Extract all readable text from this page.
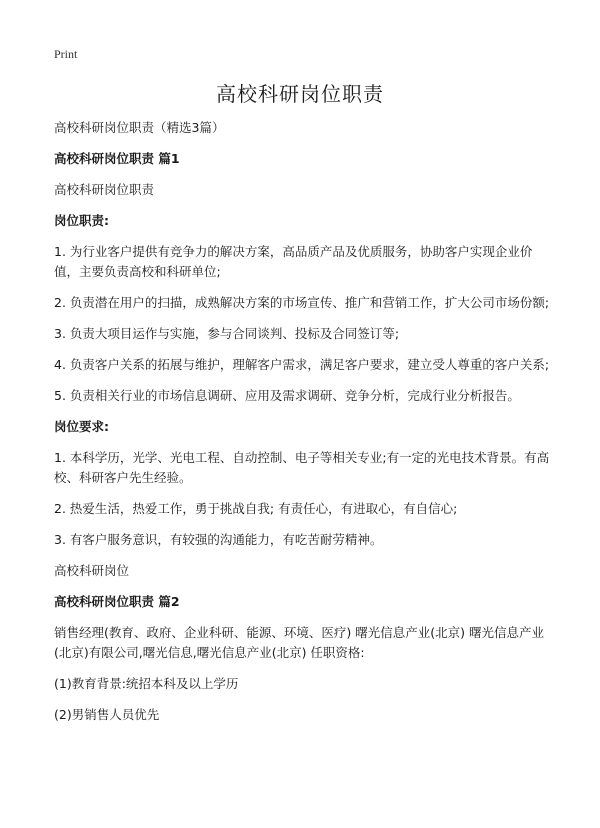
Print

高校科研岗位职责

高校科研岗位职责（精选3篇）

高校科研岗位职责 篇1

高校科研岗位职责

岗位职责:

1. 为行业客户提供有竞争力的解决方案，高品质产品及优质服务，协助客户实现企业价值，主要负责高校和科研单位;

2. 负责潜在用户的扫描，成熟解决方案的市场宣传、推广和营销工作，扩大公司市场份额;

3. 负责大项目运作与实施，参与合同谈判、投标及合同签订等;

4. 负责客户关系的拓展与维护，理解客户需求，满足客户要求，建立受人尊重的客户关系;

5. 负责相关行业的市场信息调研、应用及需求调研、竞争分析，完成行业分析报告。

岗位要求:

1. 本科学历，光学、光电工程、自动控制、电子等相关专业;有一定的光电技术背景。有高校、科研客户先生经验。

2. 热爱生活，热爱工作，勇于挑战自我; 有责任心，有进取心，有自信心;

3. 有客户服务意识，有较强的沟通能力，有吃苦耐劳精神。

高校科研岗位

高校科研岗位职责 篇2

销售经理(教育、政府、企业科研、能源、环境、医疗) 曙光信息产业(北京) 曙光信息产业(北京)有限公司,曙光信息,曙光信息产业(北京) 任职资格:

(1)教育背景:统招本科及以上学历

(2)男销售人员优先
